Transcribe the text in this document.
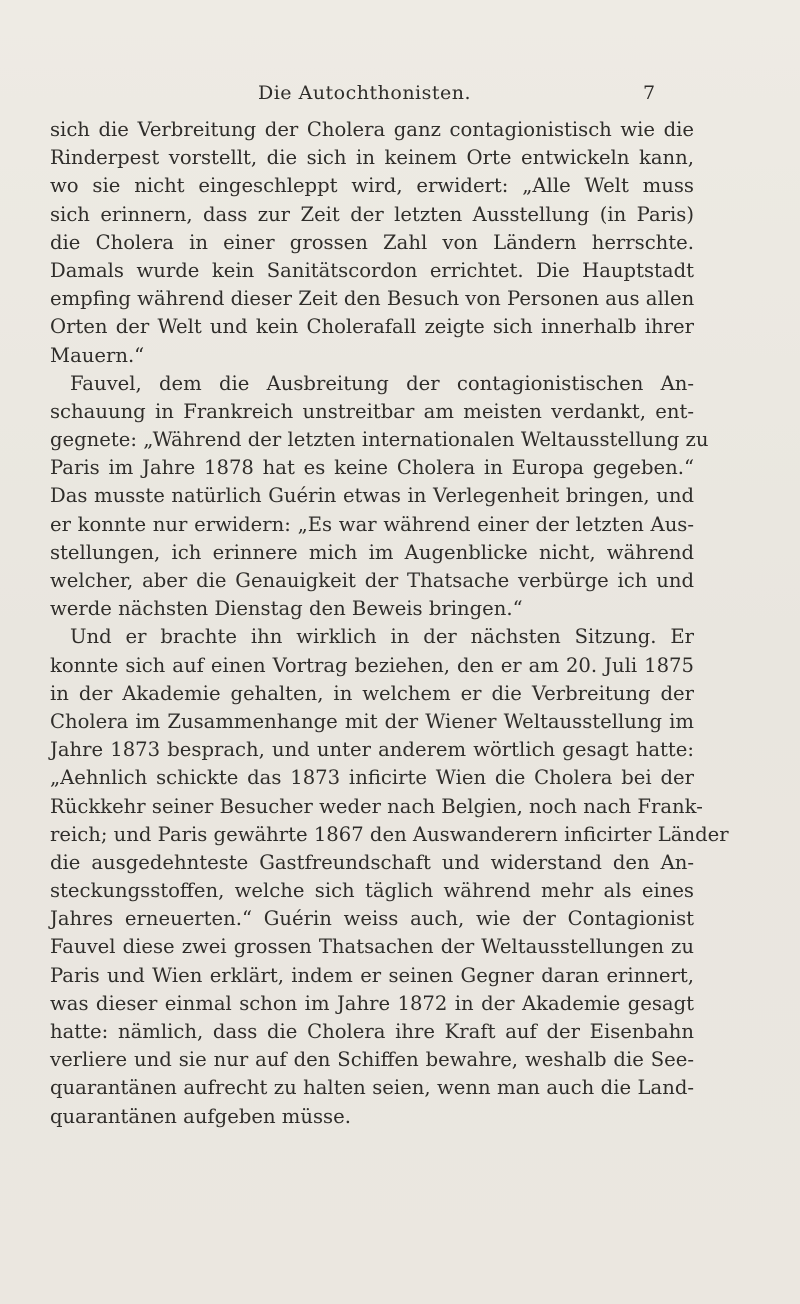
Die Autochthonisten.	7
sich die Verbreitung der Cholera ganz contagionistisch wie die
Rinderpest vorstellt, die sich in keinem Orte entwickeln kann,
wo sie nicht eingeschleppt wird, erwidert: „Alle Welt muss
sich erinnern, dass zur Zeit der letzten Ausstellung (in Paris)
die Cholera in einer grossen Zahl von Ländern herrschte.
Damals wurde kein Sanitätscordon errichtet. Die Hauptstadt
empfing während dieser Zeit den Besuch von Personen aus allen
Orten der Welt und kein Cholerafall zeigte sich innerhalb ihrer
Mauern.“
Fauvel, dem die Ausbreitung der contagionistischen An-
schauung in Frankreich unstreitbar am meisten verdankt, ent-
gegnete: „Während der letzten internationalen Weltausstellung zu
Paris im Jahre 1878 hat es keine Cholera in Europa gegeben.“
Das musste natürlich Guérin etwas in Verlegenheit bringen, und
er konnte nur erwidern: „Es war während einer der letzten Aus-
stellungen, ich erinnere mich im Augenblicke nicht, während
welcher, aber die Genauigkeit der Thatsache verbürge ich und
werde nächsten Dienstag den Beweis bringen.“
Und er brachte ihn wirklich in der nächsten Sitzung. Er
konnte sich auf einen Vortrag beziehen, den er am 20. Juli 1875
in der Akademie gehalten, in welchem er die Verbreitung der
Cholera im Zusammenhange mit der Wiener Weltausstellung im
Jahre 1873 besprach, und unter anderem wörtlich gesagt hatte:
„Aehnlich schickte das 1873 inficirte Wien die Cholera bei der
Rückkehr seiner Besucher weder nach Belgien, noch nach Frank-
reich; und Paris gewährte 1867 den Auswanderern inficirter Länder
die ausgedehnteste Gastfreundschaft und widerstand den An-
steckungsstoffen, welche sich täglich während mehr als eines
Jahres erneuerten.“ Guérin weiss auch, wie der Contagionist
Fauvel diese zwei grossen Thatsachen der Weltausstellungen zu
Paris und Wien erklärt, indem er seinen Gegner daran erinnert,
was dieser einmal schon im Jahre 1872 in der Akademie gesagt
hatte: nämlich, dass die Cholera ihre Kraft auf der Eisenbahn
verliere und sie nur auf den Schiffen bewahre, weshalb die See-
quarantänen aufrecht zu halten seien, wenn man auch die Land-
quarantänen aufgeben müsse.
